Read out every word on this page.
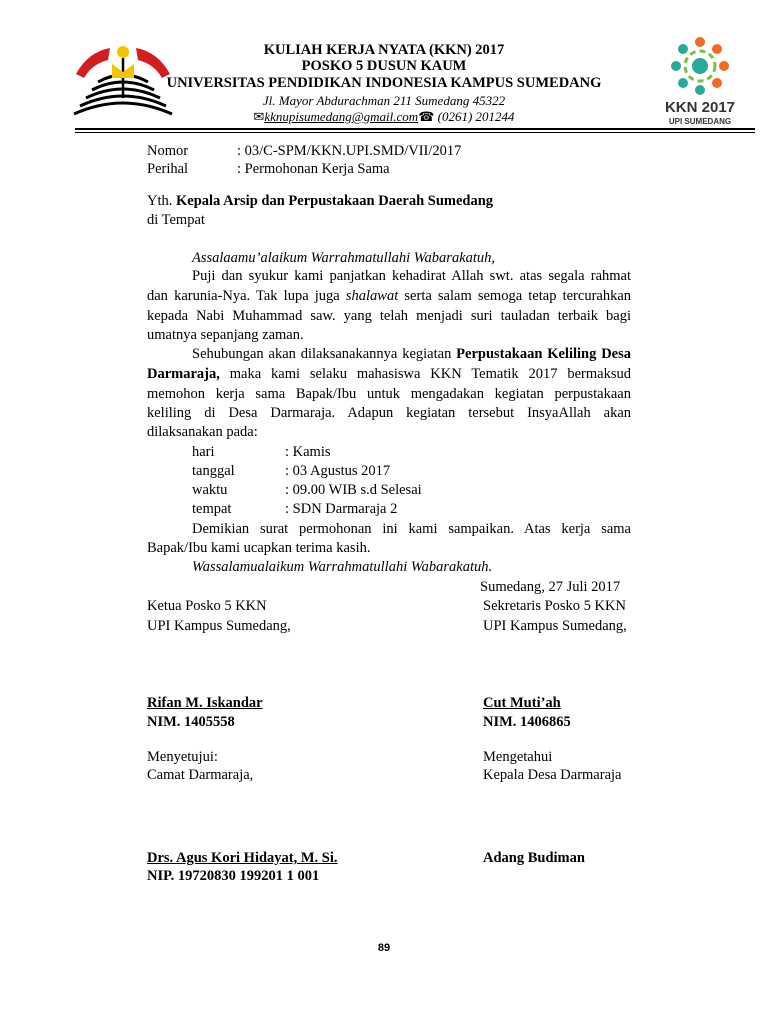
KULIAH KERJA NYATA (KKN) 2017
POSKO 5 DUSUN KAUM
UNIVERSITAS PENDIDIKAN INDONESIA KAMPUS SUMEDANG
Jl. Mayor Abdurachman 211 Sumedang 45322
✉kknupisumedang@gmail.com☎ (0261) 201244
KKN 2017
UPI SUMEDANG
Nomor	: 03/C-SPM/KKN.UPI.SMD/VII/2017
Perihal	: Permohonan Kerja Sama
Yth. Kepala Arsip dan Perpustakaan Daerah Sumedang
di Tempat
Assalaamu’alaikum Warrahmatullahi Wabarakatuh,
Puji dan syukur kami panjatkan kehadirat Allah swt. atas segala rahmat
dan karunia-Nya. Tak lupa juga shalawat serta salam semoga tetap tercurahkan
kepada Nabi Muhammad saw. yang telah menjadi suri tauladan terbaik bagi
umatnya sepanjang zaman.
Sehubungan akan dilaksanakannya kegiatan Perpustakaan Keliling Desa
Darmaraja, maka kami selaku mahasiswa KKN Tematik 2017 bermaksud
memohon kerja sama Bapak/Ibu untuk mengadakan kegiatan perpustakaan
keliling di Desa Darmaraja. Adapun kegiatan tersebut InsyaAllah akan
dilaksanakan pada:
hari	: Kamis
tanggal	: 03 Agustus 2017
waktu	: 09.00 WIB s.d Selesai
tempat	: SDN Darmaraja 2
Demikian surat permohonan ini kami sampaikan. Atas kerja sama
Bapak/Ibu kami ucapkan terima kasih.
Wassalamualaikum Warrahmatullahi Wabarakatuh.
Sumedang, 27 Juli 2017
Ketua Posko 5 KKN	Sekretaris Posko 5 KKN
UPI Kampus Sumedang,	UPI Kampus Sumedang,
Rifan M. Iskandar	Cut Muti’ah
NIM. 1405558	NIM. 1406865
Menyetujui:	Mengetahui
Camat Darmaraja,	Kepala Desa Darmaraja
Drs. Agus Kori Hidayat, M. Si.	Adang Budiman
NIP. 19720830 199201 1 001
89
